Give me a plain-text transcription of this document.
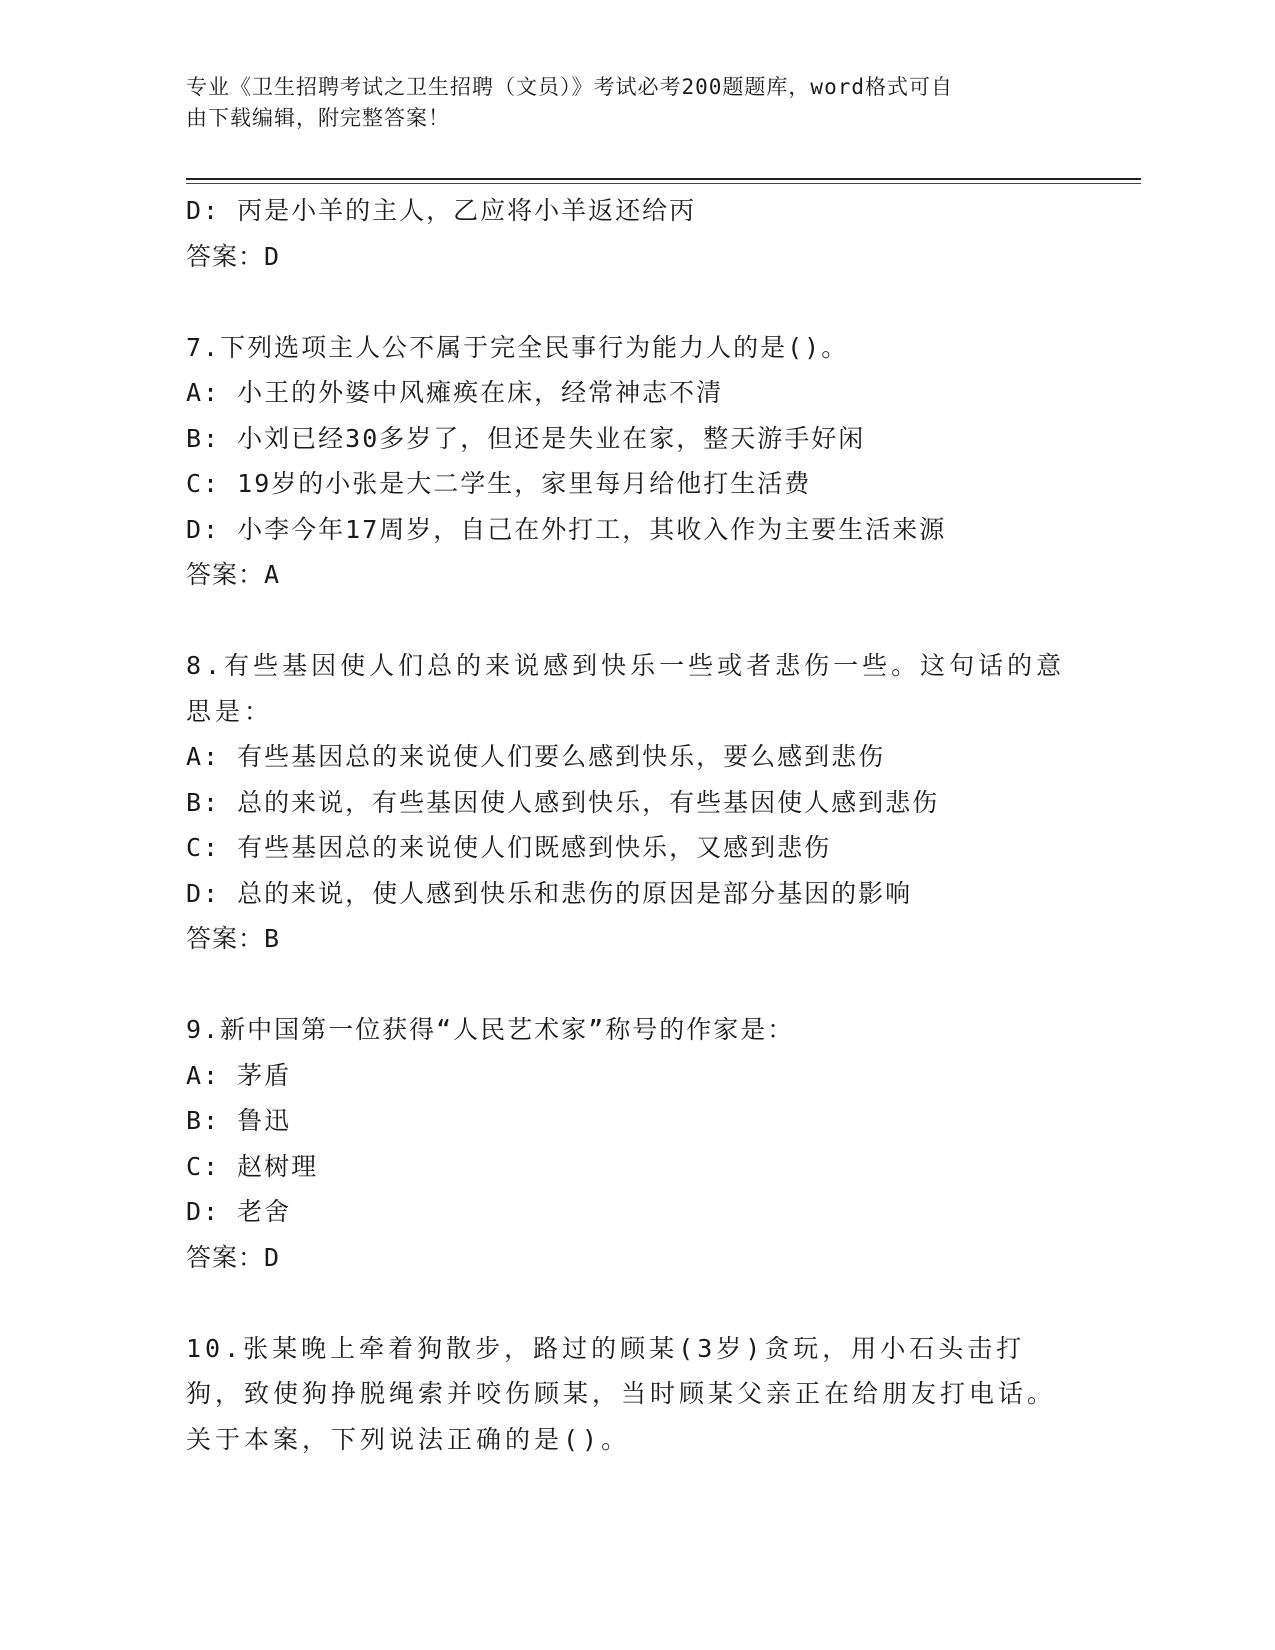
专业《卫生招聘考试之卫生招聘（文员）》考试必考200题题库，word格式可自
由下载编辑，附完整答案！
D: 丙是小羊的主人，乙应将小羊返还给丙
答案：D
7.下列选项主人公不属于完全民事行为能力人的是()。
A: 小王的外婆中风瘫痪在床，经常神志不清
B: 小刘已经30多岁了，但还是失业在家，整天游手好闲
C: 19岁的小张是大二学生，家里每月给他打生活费
D: 小李今年17周岁，自己在外打工，其收入作为主要生活来源
答案：A
8.有些基因使人们总的来说感到快乐一些或者悲伤一些。这句话的意思是：
A: 有些基因总的来说使人们要么感到快乐，要么感到悲伤
B: 总的来说，有些基因使人感到快乐，有些基因使人感到悲伤
C: 有些基因总的来说使人们既感到快乐，又感到悲伤
D: 总的来说，使人感到快乐和悲伤的原因是部分基因的影响
答案：B
9.新中国第一位获得“人民艺术家”称号的作家是：
A: 茅盾
B: 鲁迅
C: 赵树理
D: 老舍
答案：D
10.张某晚上牵着狗散步，路过的顾某(3岁)贪玩，用小石头击打狗，致使狗挣脱绳索并咬伤顾某，当时顾某父亲正在给朋友打电话。关于本案，下列说法正确的是()。
